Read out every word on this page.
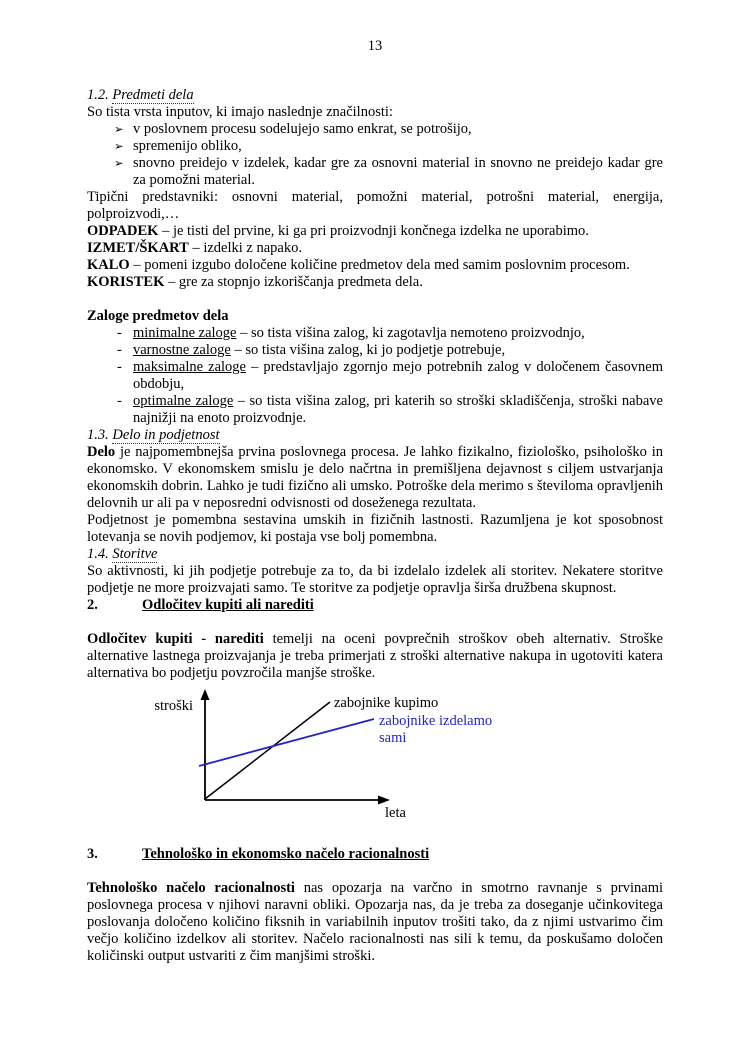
13

1.2. Predmeti dela

So tista vrsta inputov, ki imajo naslednje značilnosti:

➢ v poslovnem procesu sodelujejo samo enkrat, se potrošijo,
➢ spremenijo obliko,
➢ snovno preidejo v izdelek, kadar gre za osnovni material in snovno ne preidejo kadar gre za pomožni material.

Tipični predstavniki: osnovni material, pomožni material, potrošni material, energija, polproizvodi,…

ODPADEK – je tisti del prvine, ki ga pri proizvodnji končnega izdelka ne uporabimo.

IZMET/ŠKART – izdelki z napako.

KALO – pomeni izgubo določene količine predmetov dela med samim poslovnim procesom.

KORISTEK – gre za stopnjo izkoriščanja predmeta dela.

Zaloge predmetov dela

- minimalne zaloge – so tista višina zalog, ki zagotavlja nemoteno proizvodnjo,
- varnostne zaloge – so tista višina zalog, ki jo podjetje potrebuje,
- maksimalne zaloge – predstavljajo zgornjo mejo potrebnih zalog v določenem časovnem obdobju,
- optimalne zaloge – so tista višina zalog, pri katerih so stroški skladiščenja, stroški nabave najnižji na enoto proizvodnje.

1.3. Delo in podjetnost

Delo je najpomembnejša prvina poslovnega procesa. Je lahko fizikalno, fiziološko, psihološko in ekonomsko. V ekonomskem smislu je delo načrtna in premišljena dejavnost s ciljem ustvarjanja ekonomskih dobrin. Lahko je tudi fizično ali umsko. Potroške dela merimo s številoma opravljenih delovnih ur ali pa v neposredni odvisnosti od doseženega rezultata.

Podjetnost je pomembna sestavina umskih in fizičnih lastnosti. Razumljena je kot sposobnost lotevanja se novih podjemov, ki postaja vse bolj pomembna.

1.4. Storitve

So aktivnosti, ki jih podjetje potrebuje za to, da bi izdelalo izdelek ali storitev. Nekatere storitve podjetje ne more proizvajati samo. Te storitve za podjetje opravlja širša družbena skupnost.

2.	Odločitev kupiti ali narediti

Odločitev kupiti - narediti temelji na oceni povprečnih stroškov obeh alternativ. Stroške alternative lastnega proizvajanja je treba primerjati z stroški alternative nakupa in ugotoviti katera alternativa bo podjetju povzročila manjše stroške.

stroški	zabojnike kupimo
zabojnike izdelamo
sami
leta

3.	Tehnološko in ekonomsko načelo racionalnosti

Tehnološko načelo racionalnosti nas opozarja na varčno in smotrno ravnanje s prvinami poslovnega procesa v njihovi naravni obliki. Opozarja nas, da je treba za doseganje učinkovitega poslovanja določeno količino fiksnih in variabilnih inputov trošiti tako, da z njimi ustvarimo čim večjo količino izdelkov ali storitev. Načelo racionalnosti nas sili k temu, da poskušamo določen količinski output ustvariti z čim manjšimi stroški.
